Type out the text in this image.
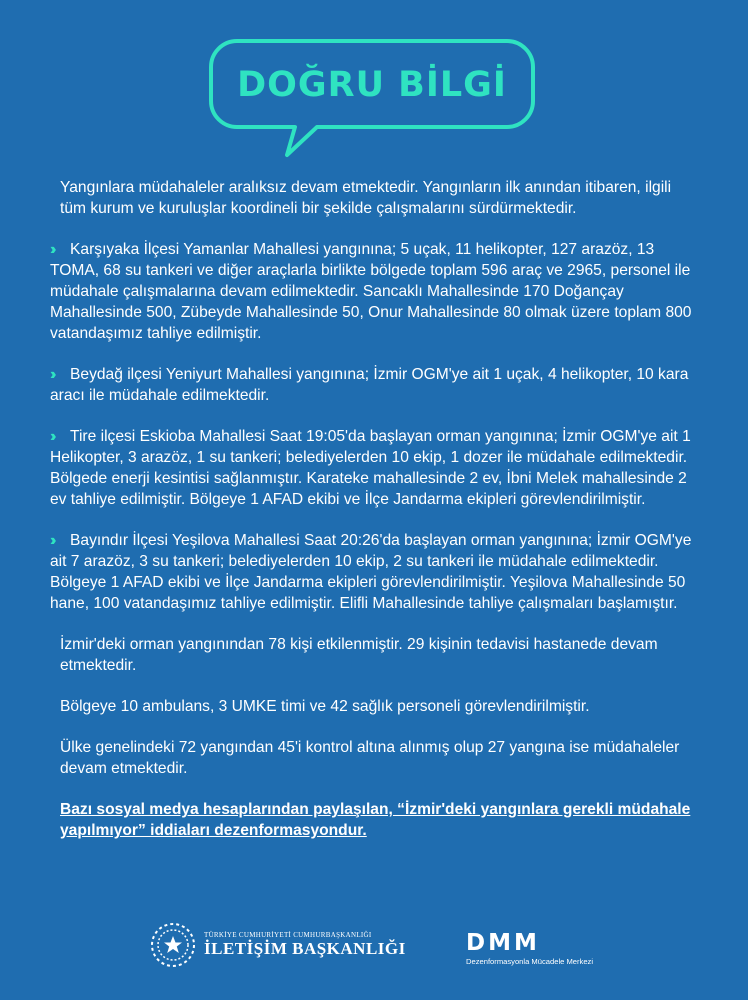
DOĞRU BİLGİ

Yangınlara müdahaleler aralıksız devam etmektedir. Yangınların ilk anından itibaren, ilgili tüm kurum ve kuruluşlar koordineli bir şekilde çalışmalarını sürdürmektedir.

›› Karşıyaka İlçesi Yamanlar Mahallesi yangınına; 5 uçak, 11 helikopter, 127 arazöz, 13 TOMA, 68 su tankeri ve diğer araçlarla birlikte bölgede toplam 596 araç ve 2965, personel ile müdahale çalışmalarına devam edilmektedir. Sancaklı Mahallesinde 170 Doğançay Mahallesinde 500, Zübeyde Mahallesinde 50, Onur Mahallesinde 80 olmak üzere toplam 800 vatandaşımız tahliye edilmiştir.
›› Beydağ ilçesi Yeniyurt Mahallesi yangınına; İzmir OGM'ye ait 1 uçak, 4 helikopter, 10 kara aracı ile müdahale edilmektedir.
›› Tire ilçesi Eskioba Mahallesi Saat 19:05'da başlayan orman yangınına; İzmir OGM'ye ait 1 Helikopter, 3 arazöz, 1 su tankeri; belediyelerden 10 ekip, 1 dozer ile müdahale edilmektedir. Bölgede enerji kesintisi sağlanmıştır. Karateke mahallesinde 2 ev, İbni Melek mahallesinde 2 ev tahliye edilmiştir. Bölgeye 1 AFAD ekibi ve İlçe Jandarma ekipleri görevlendirilmiştir.
›› Bayındır İlçesi Yeşilova Mahallesi Saat 20:26'da başlayan orman yangınına; İzmir OGM'ye ait 7 arazöz, 3 su tankeri; belediyelerden 10 ekip, 2 su tankeri ile müdahale edilmektedir. Bölgeye 1 AFAD ekibi ve İlçe Jandarma ekipleri görevlendirilmiştir. Yeşilova Mahallesinde 50 hane, 100 vatandaşımız tahliye edilmiştir. Elifli Mahallesinde tahliye çalışmaları başlamıştır.

İzmir'deki orman yangınından 78 kişi etkilenmiştir. 29 kişinin tedavisi hastanede devam etmektedir.

Bölgeye 10 ambulans, 3 UMKE timi ve 42 sağlık personeli görevlendirilmiştir.

Ülke genelindeki 72 yangından 45'i kontrol altına alınmış olup 27 yangına ise müdahaleler devam etmektedir.

Bazı sosyal medya hesaplarından paylaşılan, “İzmir'deki yangınlara gerekli müdahale yapılmıyor” iddiaları dezenformasyondur.

TÜRKİYE CUMHURİYETİ CUMHURBAŞKANLIĞI
İLETİŞİM BAŞKANLIĞI	DMM
Dezenformasyonla Mücadele Merkezi
